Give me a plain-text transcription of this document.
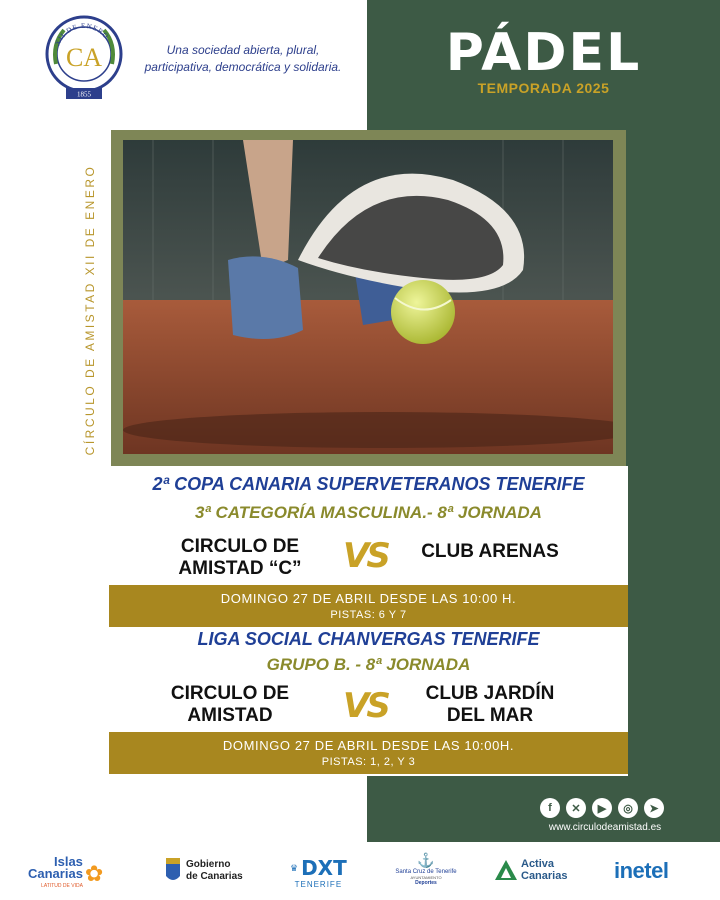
XII DE ENERO
CA
1855
Una sociedad abierta, plural,
participativa, democrática y solidaria.	PÁDEL
TEMPORADA 2025
CÍRCULO DE AMISTAD XII DE ENERO
2ª COPA CANARIA SUPERVETERANOS TENERIFE
3ª CATEGORÍA MASCULINA.- 8ª JORNADA
CIRCULO DE
AMISTAD “C”	VS	CLUB ARENAS
DOMINGO 27 DE ABRIL DESDE LAS 10:00 H.
PISTAS: 6 Y 7
LIGA SOCIAL CHANVERGAS TENERIFE
GRUPO B. - 8ª JORNADA
CIRCULO DE
AMISTAD	VS	CLUB JARDÍN
DEL MAR
DOMINGO 27 DE ABRIL DESDE LAS 10:00H.
PISTAS: 1, 2, Y 3
f	✕	▶	◎	➤
www.circulodeamistad.es
Islas
Canarias
LATITUD DE VIDA ✿	Gobierno
de Canarias
♛ DXT
TENERIFE
⚓
Santa Cruz de Tenerife
AYUNTAMIENTO
Deportes
Activa
Canarias inetel
